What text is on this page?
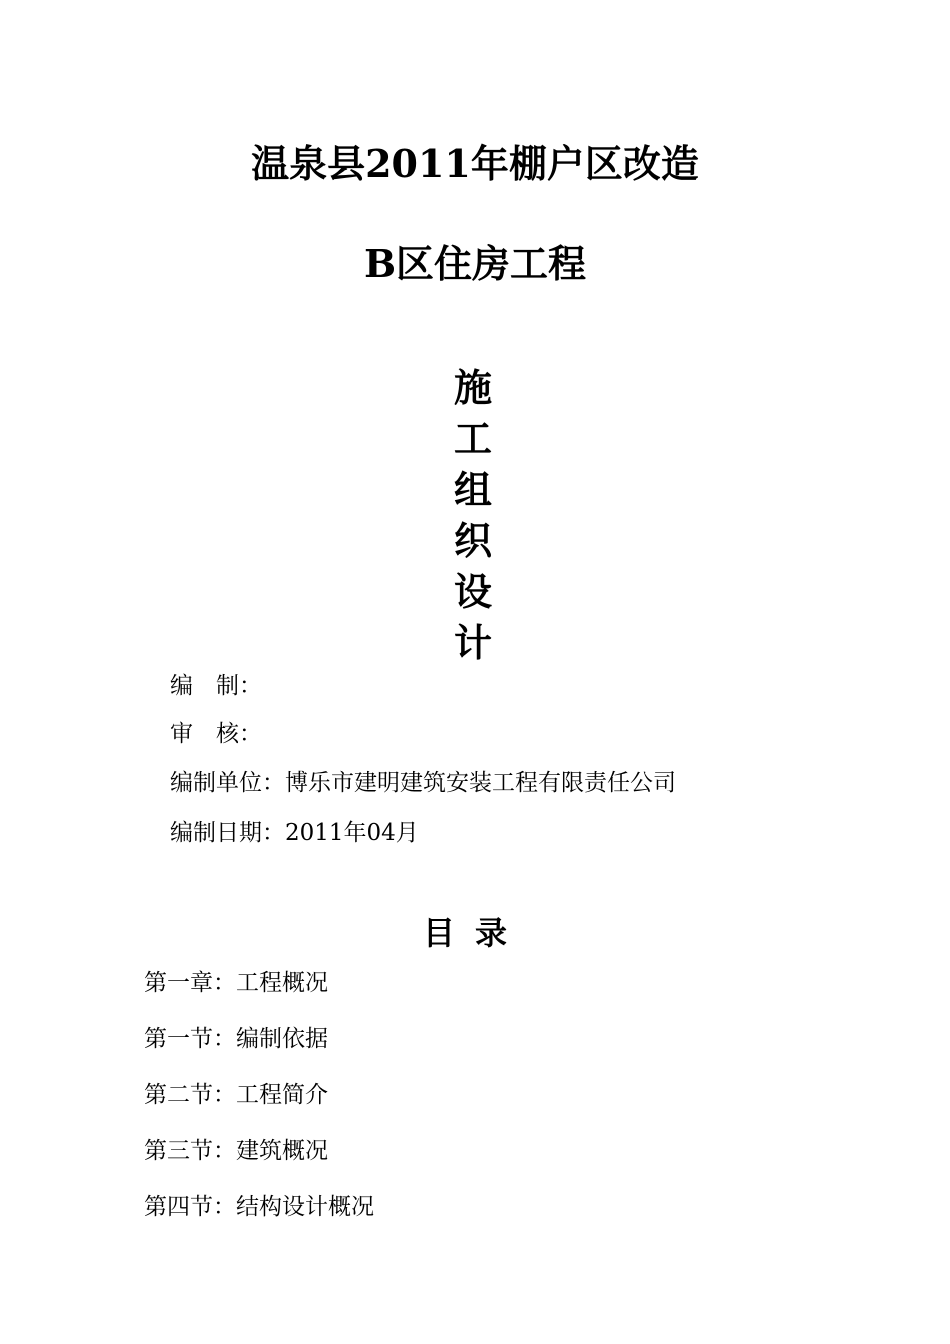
温泉县2011年棚户区改造
B区住房工程
施
工
组
织
设
计
编　制：
审　核：
编制单位：博乐市建明建筑安装工程有限责任公司
编制日期：2011年04月
目录
第一章：工程概况
第一节：编制依据
第二节：工程简介
第三节：建筑概况
第四节：结构设计概况
